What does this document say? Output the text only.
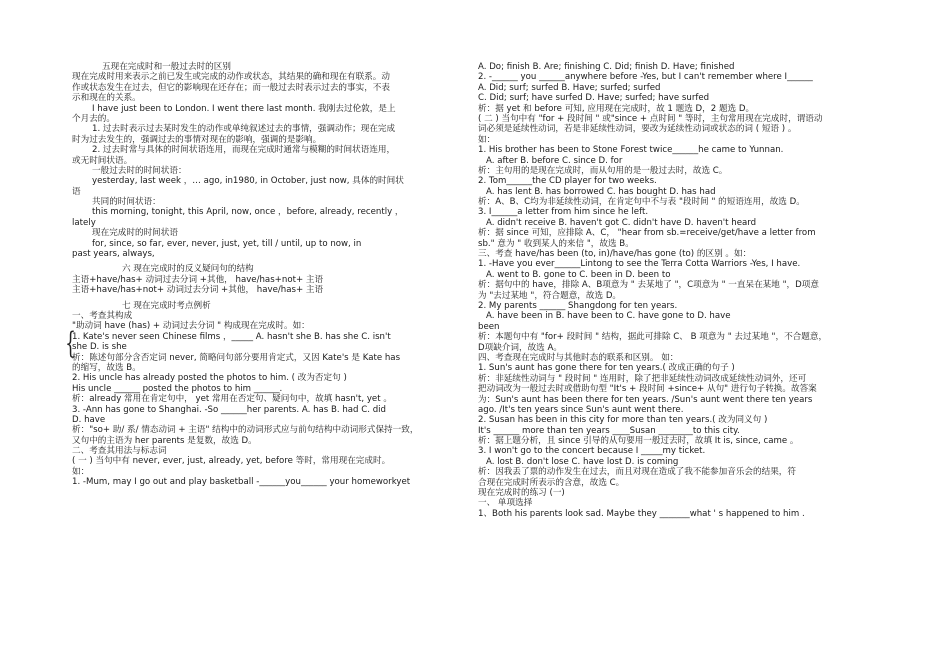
五现在完成时和一般过去时的区别
现在完成时用来表示之前已发生或完成的动作或状态，其结果的确和现在有联系。动
作或状态发生在过去，但它的影响现在还存在；而一般过去时表示过去的事实，不表
示和现在的关系。
I have just been to London. I went there last month. 我刚去过伦敦，是上
个月去的。
1. 过去时表示过去某时发生的动作或单纯叙述过去的事情，强调动作；现在完成
时为过去发生的，强调过去的事情对现在的影响，强调的是影响。
2. 过去时常与具体的时间状语连用，而现在完成时通常与模糊的时间状语连用，
或无时间状语。
一般过去时的时间状语：
yesterday, last week ，… ago, in1980, in October, just now, 具体的时间状
语
共同的时间状语：
this morning, tonight, this April, now, once ，before, already, recently ，
lately
现在完成时的时间状语
for, since, so far, ever, never, just, yet, till / until, up to now, in
past years, always,
六 现在完成时的反义疑问句的结构
主语+have/has+ 动词过去分词 +其他， have/has+not+ 主语
主语+have/has+not+ 动词过去分词 +其他， have/has+ 主语
七 现在完成时考点例析
一、考查其构成
"助动词 have (has) + 动词过去分词 " 构成现在完成时。如：
1. Kate's never seen Chinese films ，_____ A. hasn't she B. has she C. isn't
she D. is she
析：陈述句部分含否定词 never, 简略问句部分要用肯定式，又因 Kate's 是 Kate has
的缩写，故选 B。
2. His uncle has already posted the photos to him. ( 改为否定句 )
His uncle ______ posted the photos to him ______.
析：already 常用在肯定句中， yet 常用在否定句、疑问句中，故填 hasn't, yet 。
3. -Ann has gone to Shanghai. -So ______her parents. A. has B. had C. did
D. have
析："so+ 助/ 系/ 情态动词 + 主语" 结构中的动词形式应与前句结构中动词形式保持一致，
又句中的主语为 her parents 是复数，故选 D。
二、考查其用法与标志词
( 一 ) 当句中有 never, ever, just, already, yet, before 等时，常用现在完成时。
如：
1. -Mum, may I go out and play basketball -______you______ your homeworkyet
{
A. Do; finish B. Are; finishing C. Did; finish D. Have; finished
2. -______ you ______anywhere before -Yes, but I can't remember where I______
A. Did; surf; surfed B. Have; surfed; surfed
C. Did; surf; have surfed D. Have; surfed; have surfed
析：据 yet 和 before 可知, 应用现在完成时，故 1 题选 D，2 题选 D。
( 二 ) 当句中有 "for + 段时间 " 或"since + 点时间 " 等时，主句常用现在完成时，谓语动
词必须是延续性动词，若是非延续性动词，要改为延续性动词或状态的词 ( 短语 ) 。
如：
1. His brother has been to Stone Forest twice______he came to Yunnan.
A. after B. before C. since D. for
析：主句用的是现在完成时，而从句用的是一般过去时，故选 C。
2. Tom______the CD player for two weeks.
A. has lent B. has borrowed C. has bought D. has had
析：A、B、C均为非延续性动词，在肯定句中不与表 "段时间 " 的短语连用，故选 D。
3. I______a letter from him since he left.
A. didn't receive B. haven't got C. didn't have D. haven't heard
析：据 since 可知，应排除 A、C， "hear from sb.=receive/get/have a letter from
sb." 意为 " 收到某人的来信 "，故选 B。
三、考查 have/has been (to, in)/have/has gone (to) 的区别 。如：
1. -Have you ever______Lintong to see the Terra Cotta Warriors -Yes, I have.
A. went to B. gone to C. been in D. been to
析：据句中的 have，排除 A、B项意为 " 去某地了 "，C项意为 " 一直呆在某地 "，D项意
为 "去过某地 "，符合题意，故选 D。
2. My parents ______ Shangdong for ten years.
A. have been in B. have been to C. have gone to D. have
been
析：本题句中有 "for+ 段时间 " 结构，据此可排除 C、 B 项意为 " 去过某地 "，不合题意，
D项缺介词，故选 A。
四、考查现在完成时与其他时态的联系和区别。 如：
1. Sun's aunt has gone there for ten years.( 改成正确的句子 )
析：非延续性动词与 " 段时间 " 连用时，除了把非延续性动词改成延续性动词外，还可
把动词改为一般过去时或借助句型 "It's + 段时间 +since+ 从句" 进行句子转换。故答案
为：Sun's aunt has been there for ten years. /Sun's aunt went there ten years
ago. /It's ten years since Sun's aunt went there.
2. Susan has been in this city for more than ten years.( 改为同义句 )
It's ______ more than ten years ____Susan ________to this city.
析：据上题分析，且 since 引导的从句要用一般过去时，故填 It is, since, came 。
3. I won't go to the concert because I _____my ticket.
A. lost B. don't lose C. have lost D. is coming
析：因我丢了票的动作发生在过去，而且对现在造成了我不能参加音乐会的结果，符
合现在完成时所表示的含意，故选 C。
现在完成时的练习 (一)
一、 单项选择
1、Both his parents look sad. Maybe they _______what ' s happened to him .
